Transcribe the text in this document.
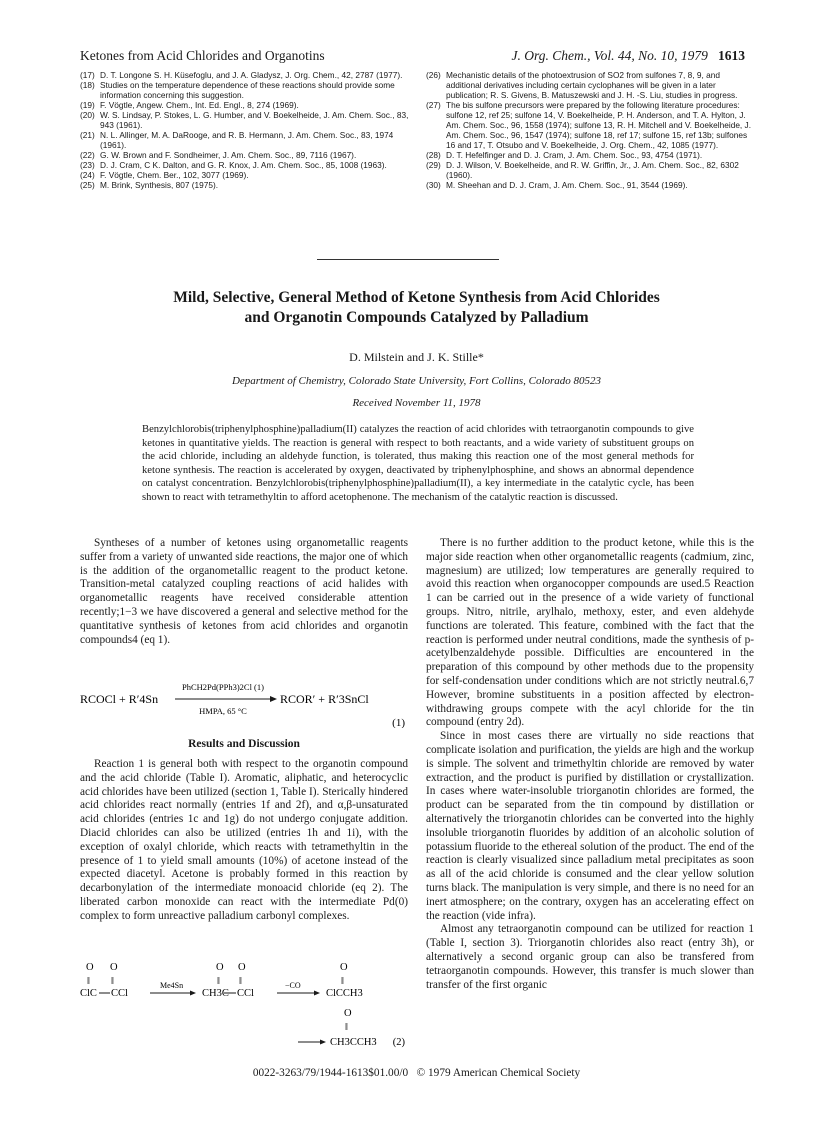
Ketones from Acid Chlorides and Organotins	J. Org. Chem., Vol. 44, No. 10, 1979 1613
(17) D. T. Longone S. H. Küsefoglu, and J. A. Gladysz, J. Org. Chem., 42, 2787 (1977).
(18) Studies on the temperature dependence of these reactions should provide some information concerning this suggestion.
(19) F. Vögtle, Angew. Chem., Int. Ed. Engl., 8, 274 (1969).
(20) W. S. Lindsay, P. Stokes, L. G. Humber, and V. Boekelheide, J. Am. Chem. Soc., 83, 943 (1961).
(21) N. L. Allinger, M. A. DaRooge, and R. B. Hermann, J. Am. Chem. Soc., 83, 1974 (1961).
(22) G. W. Brown and F. Sondheimer, J. Am. Chem. Soc., 89, 7116 (1967).
(23) D. J. Cram, C K. Dalton, and G. R. Knox, J. Am. Chem. Soc., 85, 1008 (1963).
(24) F. Vögtle, Chem. Ber., 102, 3077 (1969).
(25) M. Brink, Synthesis, 807 (1975).
(26) Mechanistic details of the photoextrusion of SO2 from sulfones 7, 8, 9, and additional derivatives including certain cyclophanes will be given in a later publication; R. S. Givens, B. Matuszewski and J. H. -S. Liu, studies in progress.
(27) The bis sulfone precursors were prepared by the following literature procedures: sulfone 12, ref 25; sulfone 14, V. Boekelheide, P. H. Anderson, and T. A. Hylton, J. Am. Chem. Soc., 96, 1558 (1974); sulfone 13, R. H. Mitchell and V. Boekelheide, J. Am. Chem. Soc., 96, 1547 (1974); sulfone 18, ref 17; sulfone 15, ref 13b; sulfones 16 and 17, T. Otsubo and V. Boekelheide, J. Org. Chem., 42, 1085 (1977).
(28) D. T. Hefelfinger and D. J. Cram, J. Am. Chem. Soc., 93, 4754 (1971).
(29) D. J. Wilson, V. Boekelheide, and R. W. Griffin, Jr., J. Am. Chem. Soc., 82, 6302 (1960).
(30) M. Sheehan and D. J. Cram, J. Am. Chem. Soc., 91, 3544 (1969).
Mild, Selective, General Method of Ketone Synthesis from Acid Chlorides
and Organotin Compounds Catalyzed by Palladium
D. Milstein and J. K. Stille*
Department of Chemistry, Colorado State University, Fort Collins, Colorado 80523
Received November 11, 1978
Benzylchlorobis(triphenylphosphine)palladium(II) catalyzes the reaction of acid chlorides with tetraorganotin compounds to give ketones in quantitative yields. The reaction is general with respect to both reactants, and a wide variety of substituent groups on the acid chloride, including an aldehyde function, is tolerated, thus making this reaction one of the most general methods for ketone synthesis. The reaction is accelerated by oxygen, deactivated by triphenylphosphine, and shows an abnormal dependence on catalyst concentration. Benzylchlorobis(triphenylphosphine)palladium(II), a key intermediate in the catalytic cycle, has been shown to react with tetramethyltin to afford acetophenone. The mechanism of the catalytic reaction is discussed.

Syntheses of a number of ketones using organometallic reagents suffer from a variety of unwanted side reactions, the major one of which is the addition of the organometallic reagent to the product ketone. Transition-metal catalyzed coupling reactions of acid halides with organometallic reagents have received considerable attention recently;1−3 we have discovered a general and selective method for the quantitative synthesis of ketones from acid chlorides and organotin compounds4 (eq 1).

RCOCl + R′4Sn
PhCH2Pd(PPh3)2Cl (1)
HMPA, 65 °C
RCOR′ + R′3SnCl
(1)
Results and Discussion

Reaction 1 is general both with respect to the organotin compound and the acid chloride (Table I). Aromatic, aliphatic, and heterocyclic acid chlorides have been utilized (section 1, Table I). Sterically hindered acid chlorides react normally (entries 1f and 2f), and α,β-unsaturated acid chlorides (entries 1c and 1g) do not undergo conjugate addition. Diacid chlorides can also be utilized (entries 1h and 1i), with the exception of oxalyl chloride, which reacts with tetramethyltin in the presence of 1 to yield small amounts (10%) of acetone instead of the expected diacetyl. Acetone is probably formed in this reaction by decarbonylation of the intermediate monoacid chloride (eq 2). The liberated carbon monoxide can react with the intermediate Pd(0) complex to form unreactive palladium carbonyl complexes.

O O
‖ ‖
ClC CCl
Me4Sn
O O
‖ ‖
CH3C CCl
−CO
O
‖
ClCCH3
O
‖
CH3CCH3 (2)

There is no further addition to the product ketone, while this is the major side reaction when other organometallic reagents (cadmium, zinc, magnesium) are utilized; low temperatures are generally required to avoid this reaction when organocopper compounds are used.5 Reaction 1 can be carried out in the presence of a wide variety of functional groups. Nitro, nitrile, arylhalo, methoxy, ester, and even aldehyde functions are tolerated. This feature, combined with the fact that the reaction is performed under neutral conditions, made the synthesis of p-acetylbenzaldehyde possible. Difficulties are encountered in the preparation of this compound by other methods due to the propensity for self-condensation under conditions which are not strictly neutral.6,7 However, bromine substituents in a position affected by electron-withdrawing groups compete with the acyl chloride for the tin compound (entry 2d).

Since in most cases there are virtually no side reactions that complicate isolation and purification, the yields are high and the workup is simple. The solvent and trimethyltin chloride are removed by water extraction, and the product is purified by distillation or crystallization. In cases where water-insoluble triorganotin chlorides are formed, the product can be separated from the tin compound by distillation or alternatively the triorganotin chlorides can be converted into the highly insoluble triorganotin fluorides by addition of an alcoholic solution of potassium fluoride to the ethereal solution of the product. The end of the reaction is clearly visualized since palladium metal precipitates as soon as all of the acid chloride is consumed and the clear yellow solution turns black. The manipulation is very simple, and there is no need for an inert atmosphere; on the contrary, oxygen has an accelerating effect on the reaction (vide infra).

Almost any tetraorganotin compound can be utilized for reaction 1 (Table I, section 3). Triorganotin chlorides also react (entry 3h), or alternatively a second organic group can also be transfered from tetraorganotin compounds. However, this transfer is much slower than transfer of the first organic

0022-3263/79/1944-1613$01.00/0 © 1979 American Chemical Society
